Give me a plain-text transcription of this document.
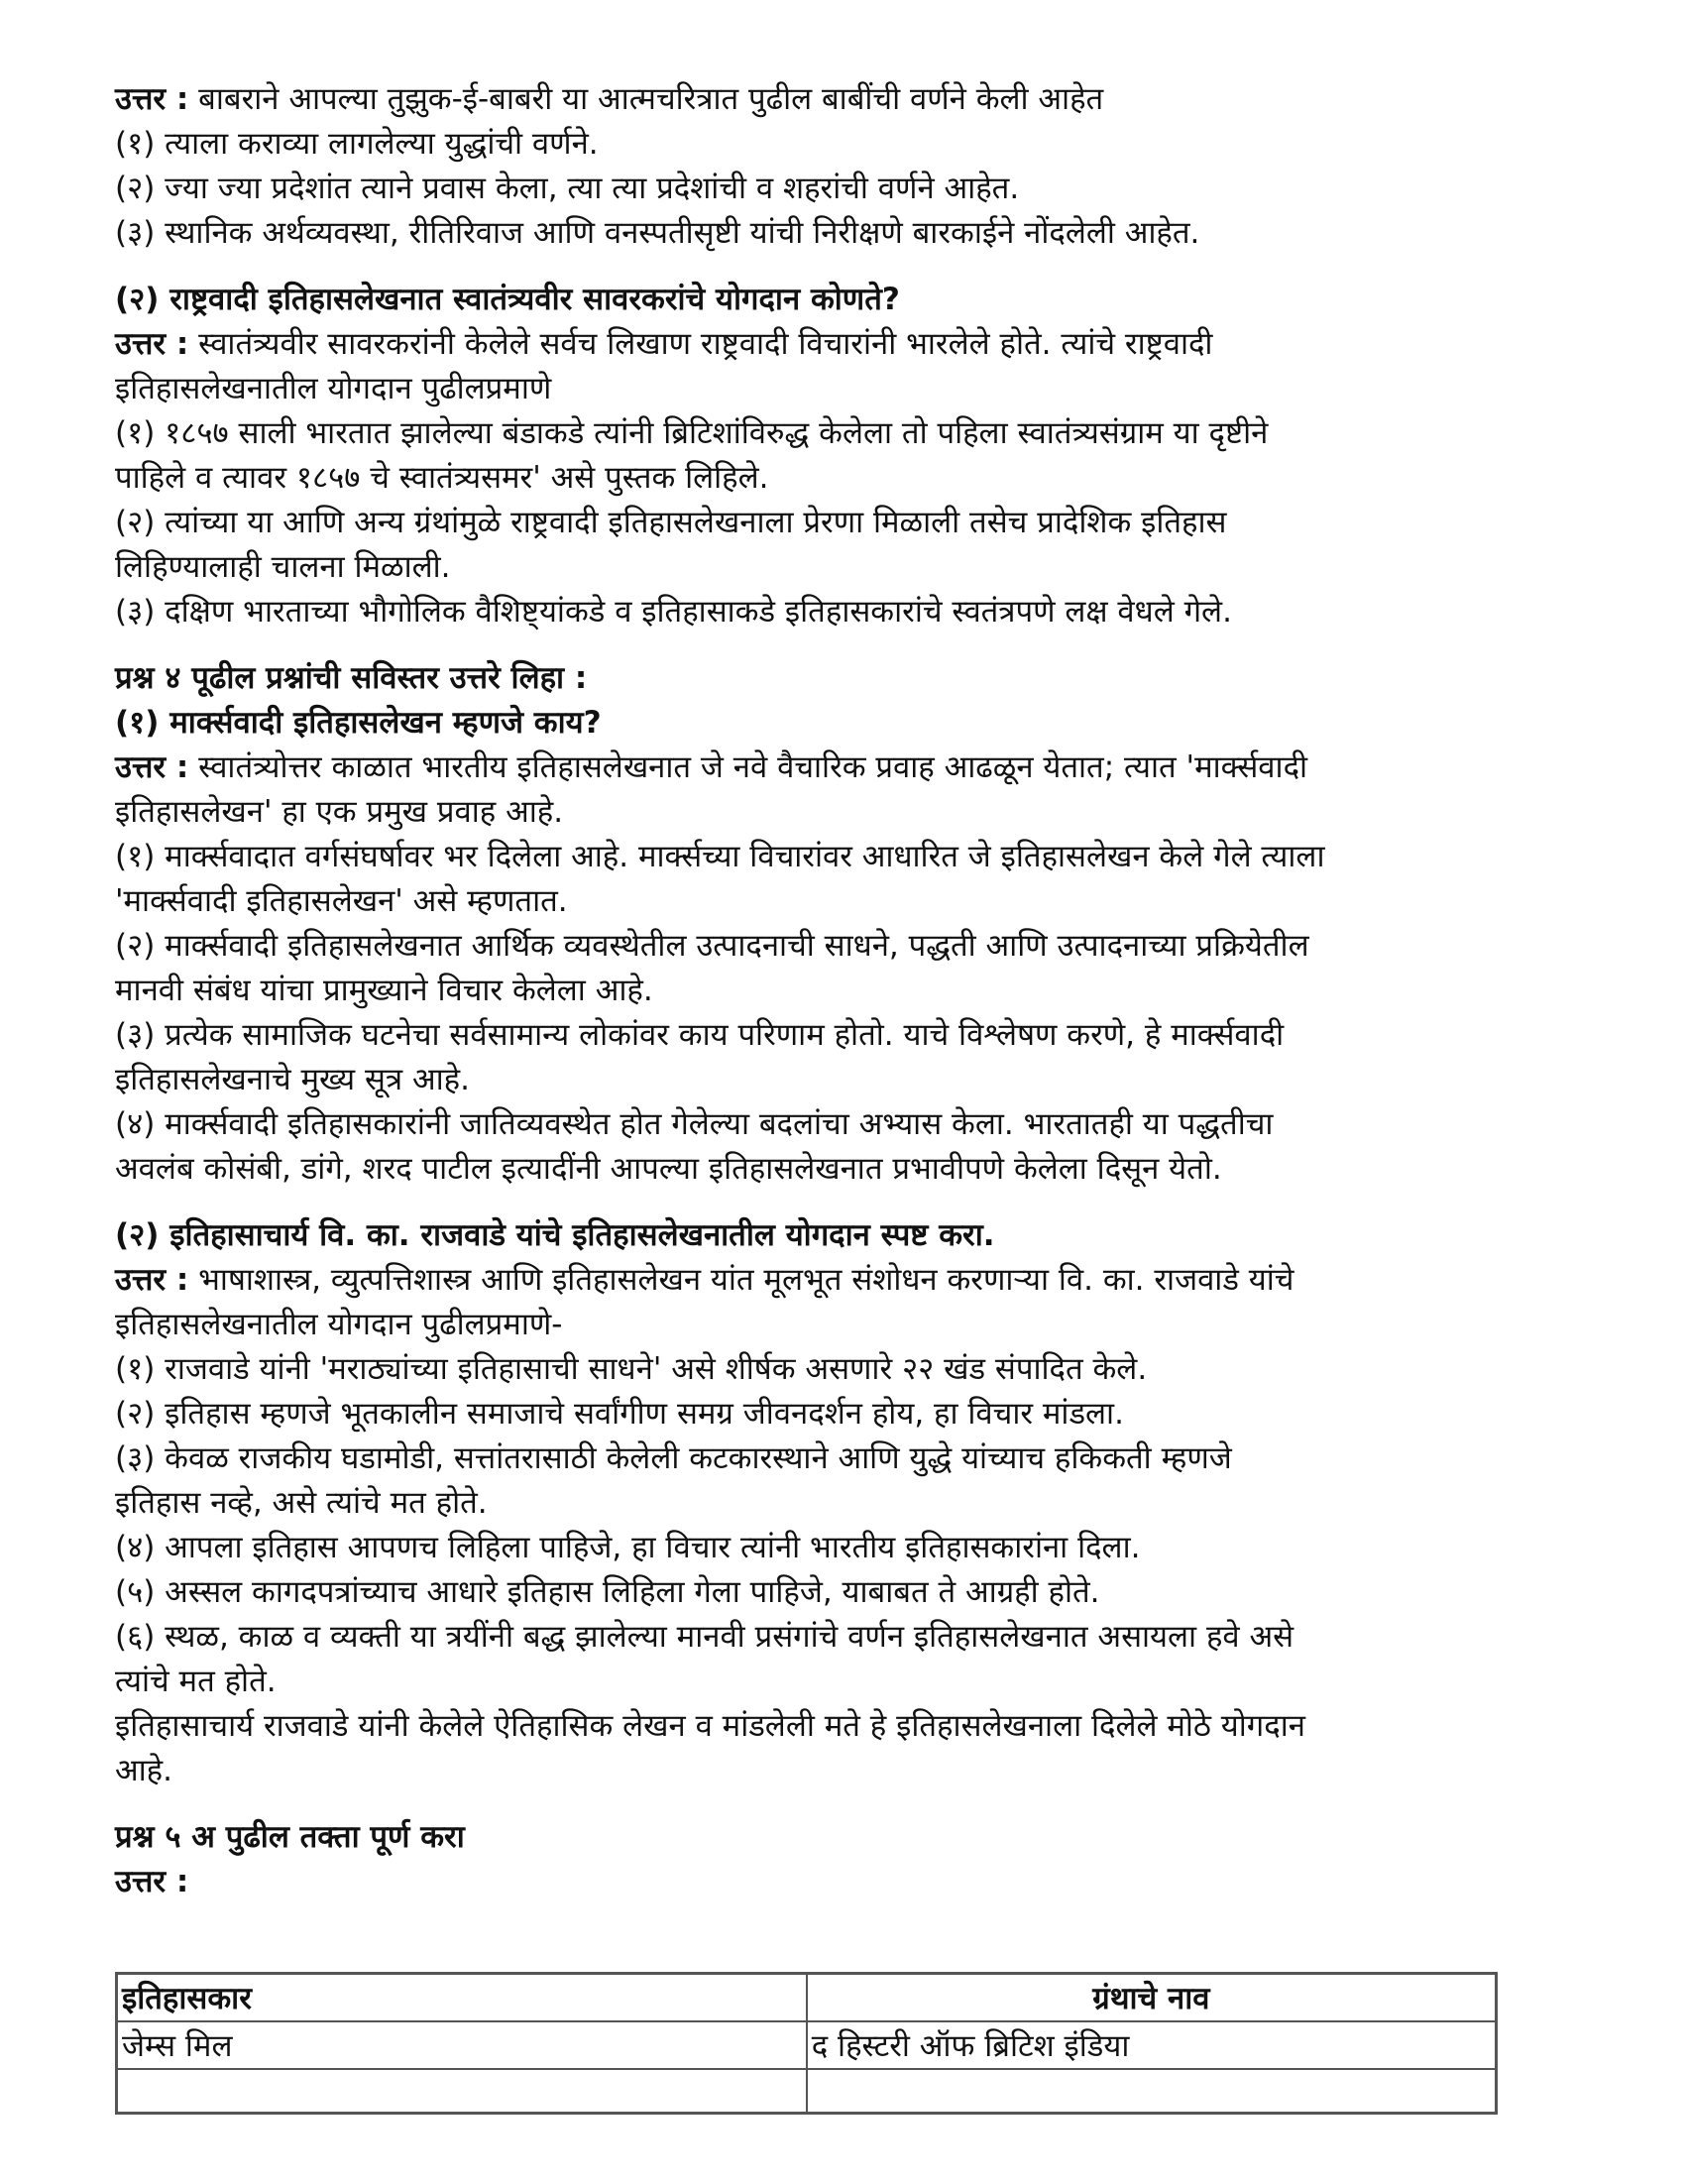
उत्तर : बाबराने आपल्या तुझुक-ई-बाबरी या आत्मचरित्रात पुढील बाबींची वर्णने केली आहेत
(१) त्याला कराव्या लागलेल्या युद्धांची वर्णने.
(२) ज्या ज्या प्रदेशांत त्याने प्रवास केला, त्या त्या प्रदेशांची व शहरांची वर्णने आहेत.
(३) स्थानिक अर्थव्यवस्था, रीतिरिवाज आणि वनस्पतीसृष्टी यांची निरीक्षणे बारकाईने नोंदलेली आहेत.
(२) राष्ट्रवादी इतिहासलेखनात स्वातंत्र्यवीर सावरकरांचे योगदान कोणते?
उत्तर : स्वातंत्र्यवीर सावरकरांनी केलेले सर्वच लिखाण राष्ट्रवादी विचारांनी भारलेले होते. त्यांचे राष्ट्रवादी
इतिहासलेखनातील योगदान पुढीलप्रमाणे
(१) १८५७ साली भारतात झालेल्या बंडाकडे त्यांनी ब्रिटिशांविरुद्ध केलेला तो पहिला स्वातंत्र्यसंग्राम या दृष्टीने
पाहिले व त्यावर १८५७ चे स्वातंत्र्यसमर' असे पुस्तक लिहिले.
(२) त्यांच्या या आणि अन्य ग्रंथांमुळे राष्ट्रवादी इतिहासलेखनाला प्रेरणा मिळाली तसेच प्रादेशिक इतिहास
लिहिण्यालाही चालना मिळाली.
(३) दक्षिण भारताच्या भौगोलिक वैशिष्ट्यांकडे व इतिहासाकडे इतिहासकारांचे स्वतंत्रपणे लक्ष वेधले गेले.
प्रश्न ४ पूढील प्रश्नांची सविस्तर उत्तरे लिहा :
(१) मार्क्सवादी इतिहासलेखन म्हणजे काय?
उत्तर : स्वातंत्र्योत्तर काळात भारतीय इतिहासलेखनात जे नवे वैचारिक प्रवाह आढळून येतात; त्यात 'मार्क्सवादी
इतिहासलेखन' हा एक प्रमुख प्रवाह आहे.
(१) मार्क्सवादात वर्गसंघर्षावर भर दिलेला आहे. मार्क्सच्या विचारांवर आधारित जे इतिहासलेखन केले गेले त्याला
'मार्क्सवादी इतिहासलेखन' असे म्हणतात.
(२) मार्क्सवादी इतिहासलेखनात आर्थिक व्यवस्थेतील उत्पादनाची साधने, पद्धती आणि उत्पादनाच्या प्रक्रियेतील
मानवी संबंध यांचा प्रामुख्याने विचार केलेला आहे.
(३) प्रत्येक सामाजिक घटनेचा सर्वसामान्य लोकांवर काय परिणाम होतो. याचे विश्लेषण करणे, हे मार्क्सवादी
इतिहासलेखनाचे मुख्य सूत्र आहे.
(४) मार्क्सवादी इतिहासकारांनी जातिव्यवस्थेत होत गेलेल्या बदलांचा अभ्यास केला. भारतातही या पद्धतीचा
अवलंब कोसंबी, डांगे, शरद पाटील इत्यादींनी आपल्या इतिहासलेखनात प्रभावीपणे केलेला दिसून येतो.
(२) इतिहासाचार्य वि. का. राजवाडे यांचे इतिहासलेखनातील योगदान स्पष्ट करा.
उत्तर : भाषाशास्त्र, व्युत्पत्तिशास्त्र आणि इतिहासलेखन यांत मूलभूत संशोधन करणाऱ्या वि. का. राजवाडे यांचे
इतिहासलेखनातील योगदान पुढीलप्रमाणे-
(१) राजवाडे यांनी 'मराठ्यांच्या इतिहासाची साधने' असे शीर्षक असणारे २२ खंड संपादित केले.
(२) इतिहास म्हणजे भूतकालीन समाजाचे सर्वांगीण समग्र जीवनदर्शन होय, हा विचार मांडला.
(३) केवळ राजकीय घडामोडी, सत्तांतरासाठी केलेली कटकारस्थाने आणि युद्धे यांच्याच हकिकती म्हणजे
इतिहास नव्हे, असे त्यांचे मत होते.
(४) आपला इतिहास आपणच लिहिला पाहिजे, हा विचार त्यांनी भारतीय इतिहासकारांना दिला.
(५) अस्सल कागदपत्रांच्याच आधारे इतिहास लिहिला गेला पाहिजे, याबाबत ते आग्रही होते.
(६) स्थळ, काळ व व्यक्ती या त्रयींनी बद्ध झालेल्या मानवी प्रसंगांचे वर्णन इतिहासलेखनात असायला हवे असे
त्यांचे मत होते.
इतिहासाचार्य राजवाडे यांनी केलेले ऐतिहासिक लेखन व मांडलेली मते हे इतिहासलेखनाला दिलेले मोठे योगदान
आहे.
प्रश्न ५ अ पुढील तक्ता पूर्ण करा
उत्तर :
इतिहासकार	ग्रंथाचे नाव
जेम्स मिल	द हिस्टरी ऑफ ब्रिटिश इंडिया
